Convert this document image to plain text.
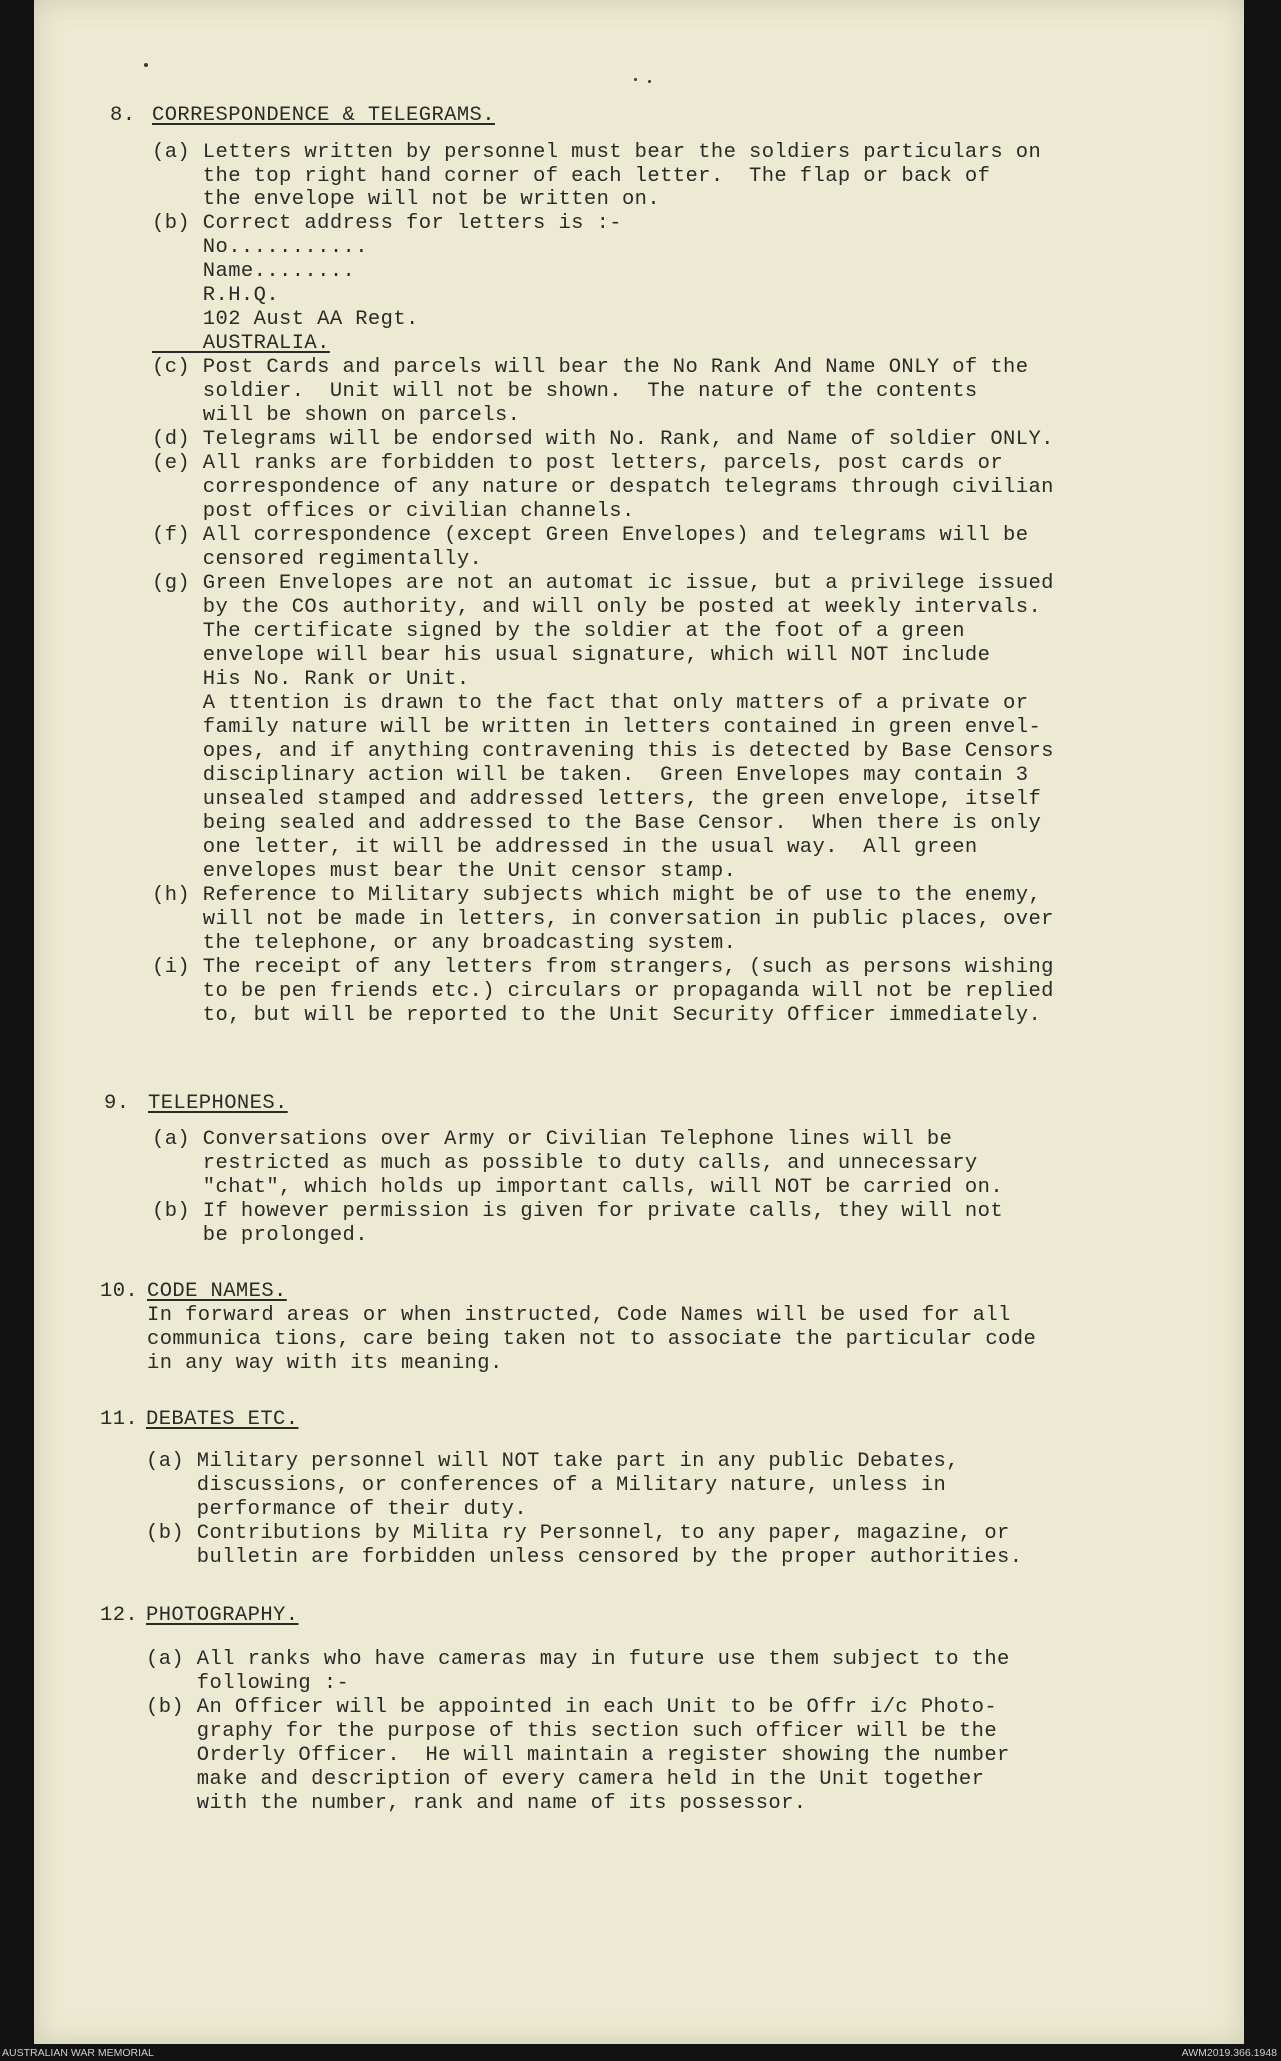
8. CORRESPONDENCE & TELEGRAMS.
(a) Letters written by personnel must bear the soldiers particulars on
the top right hand corner of each letter.  The flap or back of
the envelope will not be written on.
(b) Correct address for letters is :-
No...........
Name........
R.H.Q.
102 Aust AA Regt.
AUSTRALIA.
(c) Post Cards and parcels will bear the No Rank And Name ONLY of the
soldier.  Unit will not be shown.  The nature of the contents
will be shown on parcels.
(d) Telegrams will be endorsed with No. Rank, and Name of soldier ONLY.
(e) All ranks are forbidden to post letters, parcels, post cards or
correspondence of any nature or despatch telegrams through civilian
post offices or civilian channels.
(f) All correspondence (except Green Envelopes) and telegrams will be
censored regimentally.
(g) Green Envelopes are not an automat ic issue, but a privilege issued
by the COs authority, and will only be posted at weekly intervals.
The certificate signed by the soldier at the foot of a green
envelope will bear his usual signature, which will NOT include
His No. Rank or Unit.
A ttention is drawn to the fact that only matters of a private or
family nature will be written in letters contained in green envel-
opes, and if anything contravening this is detected by Base Censors
disciplinary action will be taken.  Green Envelopes may contain 3
unsealed stamped and addressed letters, the green envelope, itself
being sealed and addressed to the Base Censor.  When there is only
one letter, it will be addressed in the usual way.  All green
envelopes must bear the Unit censor stamp.
(h) Reference to Military subjects which might be of use to the enemy,
will not be made in letters, in conversation in public places, over
the telephone, or any broadcasting system.
(i) The receipt of any letters from strangers, (such as persons wishing
to be pen friends etc.) circulars or propaganda will not be replied
to, but will be reported to the Unit Security Officer immediately.
9. TELEPHONES.
(a) Conversations over Army or Civilian Telephone lines will be
restricted as much as possible to duty calls, and unnecessary
"chat", which holds up important calls, will NOT be carried on.
(b) If however permission is given for private calls, they will not
be prolonged.
10. CODE NAMES.
In forward areas or when instructed, Code Names will be used for all
communica tions, care being taken not to associate the particular code
in any way with its meaning.
11. DEBATES ETC.
(a) Military personnel will NOT take part in any public Debates,
discussions, or conferences of a Military nature, unless in
performance of their duty.
(b) Contributions by Milita ry Personnel, to any paper, magazine, or
bulletin are forbidden unless censored by the proper authorities.
12. PHOTOGRAPHY.
(a) All ranks who have cameras may in future use them subject to the
following :-
(b) An Officer will be appointed in each Unit to be Offr i/c Photo-
graphy for the purpose of this section such officer will be the
Orderly Officer.  He will maintain a register showing the number
make and description of every camera held in the Unit together
with the number, rank and name of its possessor.
AUSTRALIAN WAR MEMORIAL	AWM2019.366.1948
